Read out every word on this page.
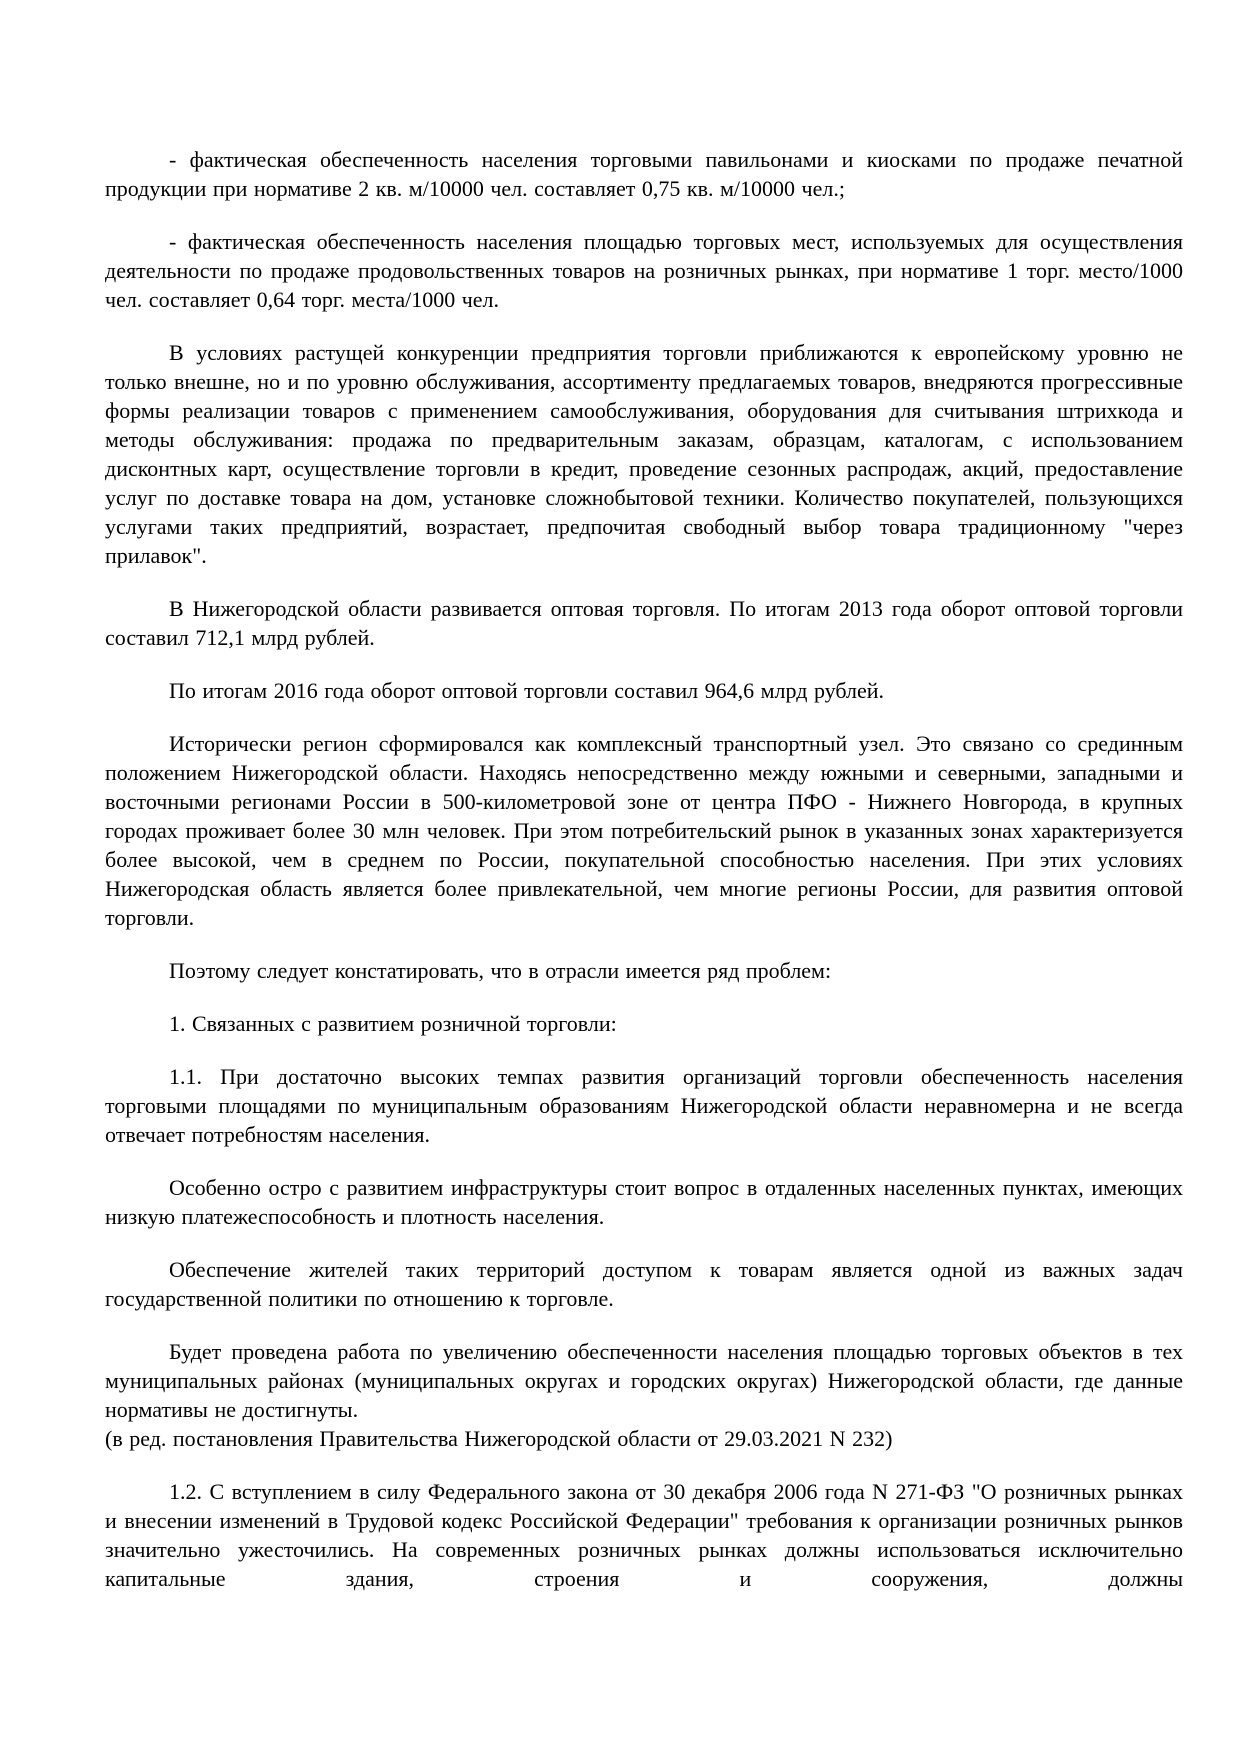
- фактическая обеспеченность населения торговыми павильонами и киосками по продаже печатной продукции при нормативе 2 кв. м/10000 чел. составляет 0,75 кв. м/10000 чел.;

- фактическая обеспеченность населения площадью торговых мест, используемых для осуществления деятельности по продаже продовольственных товаров на розничных рынках, при нормативе 1 торг. место/1000 чел. составляет 0,64 торг. места/1000 чел.

В условиях растущей конкуренции предприятия торговли приближаются к европейскому уровню не только внешне, но и по уровню обслуживания, ассортименту предлагаемых товаров, внедряются прогрессивные формы реализации товаров с применением самообслуживания, оборудования для считывания штрихкода и методы обслуживания: продажа по предварительным заказам, образцам, каталогам, с использованием дисконтных карт, осуществление торговли в кредит, проведение сезонных распродаж, акций, предоставление услуг по доставке товара на дом, установке сложнобытовой техники. Количество покупателей, пользующихся услугами таких предприятий, возрастает, предпочитая свободный выбор товара традиционному "через прилавок".

В Нижегородской области развивается оптовая торговля. По итогам 2013 года оборот оптовой торговли составил 712,1 млрд рублей.

По итогам 2016 года оборот оптовой торговли составил 964,6 млрд рублей.

Исторически регион сформировался как комплексный транспортный узел. Это связано со срединным положением Нижегородской области. Находясь непосредственно между южными и северными, западными и восточными регионами России в 500-километровой зоне от центра ПФО - Нижнего Новгорода, в крупных городах проживает более 30 млн человек. При этом потребительский рынок в указанных зонах характеризуется более высокой, чем в среднем по России, покупательной способностью населения. При этих условиях Нижегородская область является более привлекательной, чем многие регионы России, для развития оптовой торговли.

Поэтому следует констатировать, что в отрасли имеется ряд проблем:

1. Связанных с развитием розничной торговли:

1.1. При достаточно высоких темпах развития организаций торговли обеспеченность населения торговыми площадями по муниципальным образованиям Нижегородской области неравномерна и не всегда отвечает потребностям населения.

Особенно остро с развитием инфраструктуры стоит вопрос в отдаленных населенных пунктах, имеющих низкую платежеспособность и плотность населения.

Обеспечение жителей таких территорий доступом к товарам является одной из важных задач государственной политики по отношению к торговле.

Будет проведена работа по увеличению обеспеченности населения площадью торговых объектов в тех муниципальных районах (муниципальных округах и городских округах) Нижегородской области, где данные нормативы не достигнуты.

(в ред. постановления Правительства Нижегородской области от 29.03.2021 N 232)

1.2. С вступлением в силу Федерального закона от 30 декабря 2006 года N 271-ФЗ "О розничных рынках и внесении изменений в Трудовой кодекс Российской Федерации" требования к организации розничных рынков значительно ужесточились. На современных розничных рынках должны использоваться исключительно капитальные здания, строения и сооружения, должны
